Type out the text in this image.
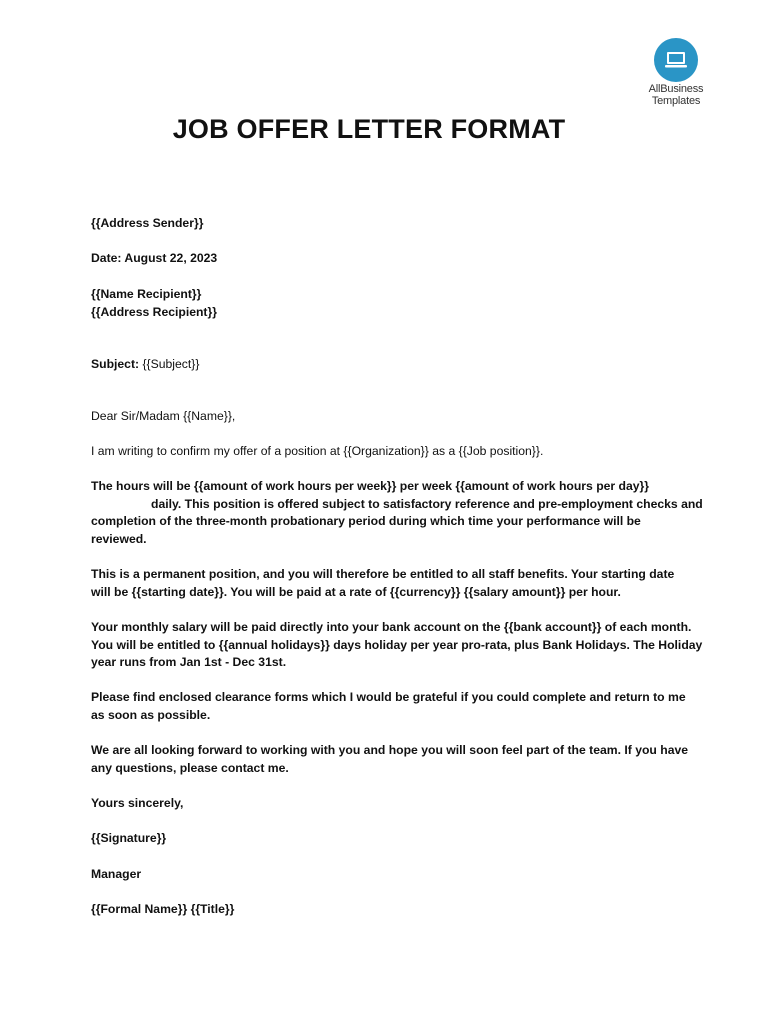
AllBusiness
Templates
JOB OFFER LETTER FORMAT
{{Address Sender}}
Date: August 22, 2023
{{Name Recipient}}
{{Address Recipient}}
Subject: {{Subject}}
Dear Sir/Madam {{Name}},
I am writing to confirm my offer of a position at {{Organization}} as a {{Job position}}.
The hours will be {{amount of work hours per week}} per week {{amount of work hours per day}}
daily. This position is offered subject to satisfactory reference and pre-employment checks and
completion of the three-month probationary period during which time your performance will be
reviewed.
This is a permanent position, and you will therefore be entitled to all staff benefits. Your starting date
will be {{starting date}}. You will be paid at a rate of {{currency}} {{salary amount}} per hour.
Your monthly salary will be paid directly into your bank account on the {{bank account}} of each month.
You will be entitled to {{annual holidays}} days holiday per year pro-rata, plus Bank Holidays. The Holiday
year runs from Jan 1st - Dec 31st.
Please find enclosed clearance forms which I would be grateful if you could complete and return to me
as soon as possible.
We are all looking forward to working with you and hope you will soon feel part of the team. If you have
any questions, please contact me.
Yours sincerely,
{{Signature}}
Manager
{{Formal Name}} {{Title}}
